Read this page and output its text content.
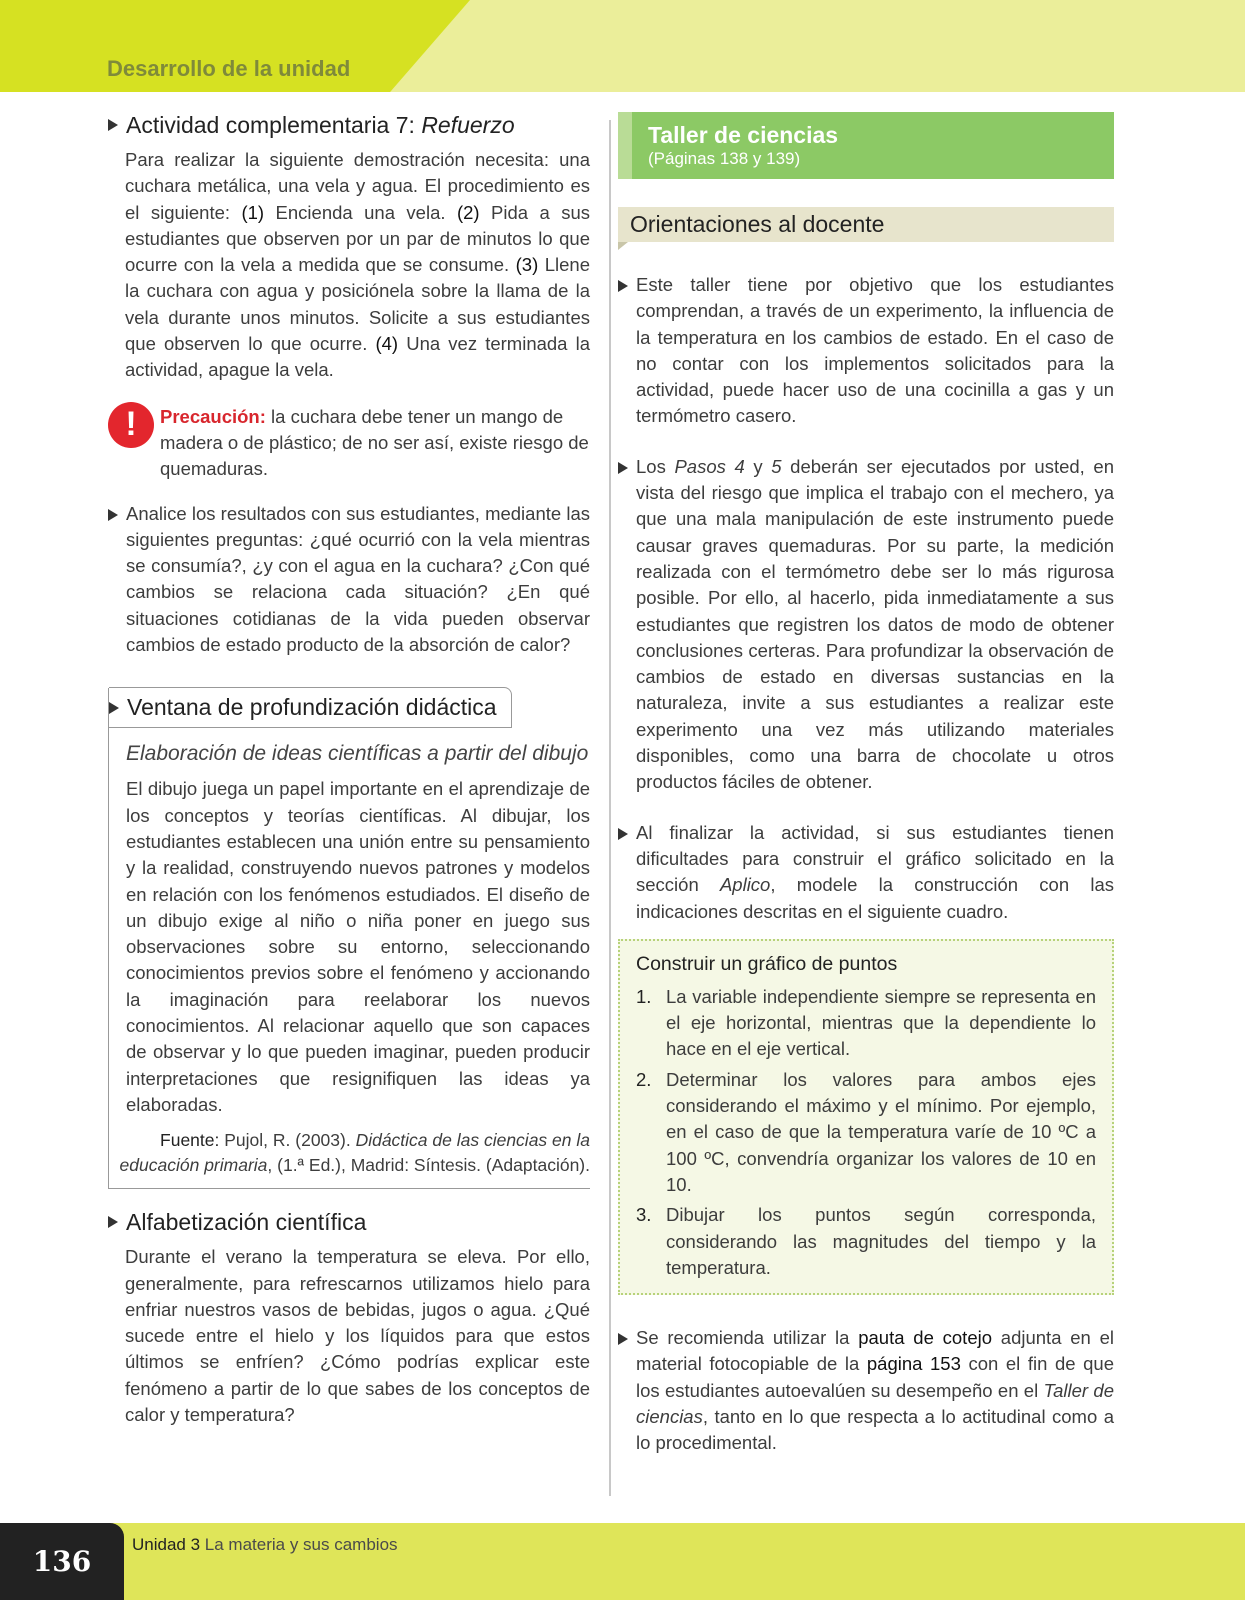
Desarrollo de la unidad
Actividad complementaria 7: Refuerzo

Para realizar la siguiente demostración necesita: una cuchara metálica, una vela y agua. El procedimiento es el siguiente: (1) Encienda una vela. (2) Pida a sus estudiantes que observen por un par de minutos lo que ocurre con la vela a medida que se consume. (3) Llene la cuchara con agua y posiciónela sobre la llama de la vela durante unos minutos. Solicite a sus estudiantes que observen lo que ocurre. (4) Una vez terminada la actividad, apague la vela.

!	Precaución: la cuchara debe tener un mango de madera o de plástico; de no ser así, existe riesgo de quemaduras.

Analice los resultados con sus estudiantes, mediante las siguientes preguntas: ¿qué ocurrió con la vela mientras se consumía?, ¿y con el agua en la cuchara? ¿Con qué cambios se relaciona cada situación? ¿En qué situaciones cotidianas de la vida pueden observar cambios de estado producto de la absorción de calor?

Ventana de profundización didáctica
Elaboración de ideas científicas a partir del dibujo

El dibujo juega un papel importante en el aprendizaje de los conceptos y teorías científicas. Al dibujar, los estudiantes establecen una unión entre su pensamiento y la realidad, construyendo nuevos patrones y modelos en relación con los fenómenos estudiados. El diseño de un dibujo exige al niño o niña poner en juego sus observaciones sobre su entorno, seleccionando conocimientos previos sobre el fenómeno y accionando la imaginación para reelaborar los nuevos conocimientos. Al relacionar aquello que son capaces de observar y lo que pueden imaginar, pueden producir interpretaciones que resignifiquen las ideas ya elaboradas.

Fuente: Pujol, R. (2003). Didáctica de las ciencias en la educación primaria, (1.ª Ed.), Madrid: Síntesis. (Adaptación).

Alfabetización científica

Durante el verano la temperatura se eleva. Por ello, generalmente, para refrescarnos utilizamos hielo para enfriar nuestros vasos de bebidas, jugos o agua. ¿Qué sucede entre el hielo y los líquidos para que estos últimos se enfríen? ¿Cómo podrías explicar este fenómeno a partir de lo que sabes de los conceptos de calor y temperatura?

Taller de ciencias
(Páginas 138 y 139)
Orientaciones al docente

Este taller tiene por objetivo que los estudiantes comprendan, a través de un experimento, la influencia de la temperatura en los cambios de estado. En el caso de no contar con los implementos solicitados para la actividad, puede hacer uso de una cocinilla a gas y un termómetro casero.

Los Pasos 4 y 5 deberán ser ejecutados por usted, en vista del riesgo que implica el trabajo con el mechero, ya que una mala manipulación de este instrumento puede causar graves quemaduras. Por su parte, la medición realizada con el termómetro debe ser lo más rigurosa posible. Por ello, al hacerlo, pida inmediatamente a sus estudiantes que registren los datos de modo de obtener conclusiones certeras. Para profundizar la observación de cambios de estado en diversas sustancias en la naturaleza, invite a sus estudiantes a realizar este experimento una vez más utilizando materiales disponibles, como una barra de chocolate u otros productos fáciles de obtener.

Al finalizar la actividad, si sus estudiantes tienen dificultades para construir el gráfico solicitado en la sección Aplico, modele la construcción con las indicaciones descritas en el siguiente cuadro.

Construir un gráfico de puntos
1. La variable independiente siempre se representa en el eje horizontal, mientras que la dependiente lo hace en el eje vertical.

2. Determinar los valores para ambos ejes considerando el máximo y el mínimo. Por ejemplo, en el caso de que la temperatura varíe de 10 ºC a 100 ºC, convendría organizar los valores de 10 en 10.

3. Dibujar los puntos según corresponda, considerando las magnitudes del tiempo y la temperatura.

Se recomienda utilizar la pauta de cotejo adjunta en el material fotocopiable de la página 153 con el fin de que los estudiantes autoevalúen su desempeño en el Taller de ciencias, tanto en lo que respecta a lo actitudinal como a lo procedimental.

136
Unidad 3 La materia y sus cambios
